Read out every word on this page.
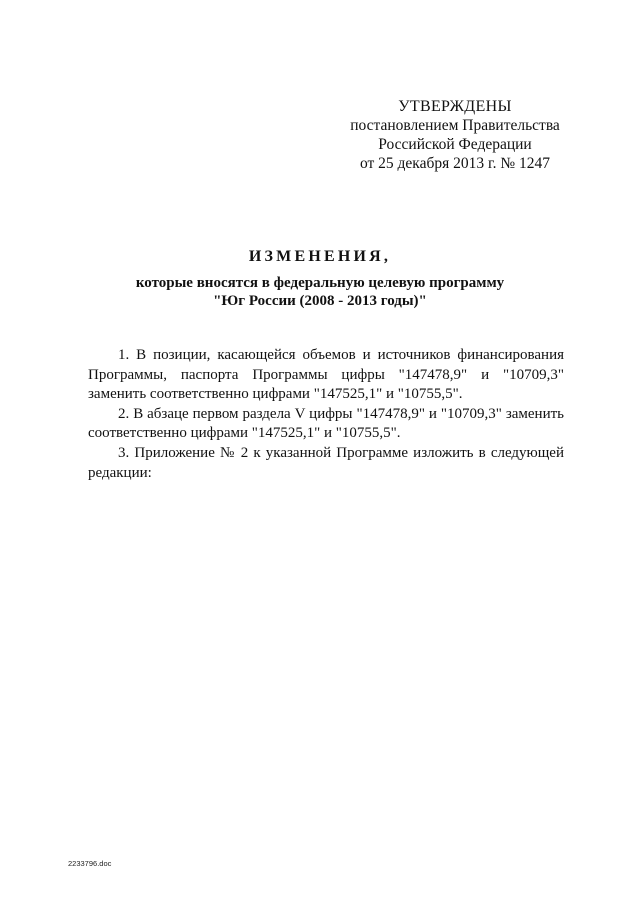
УТВЕРЖДЕНЫ
постановлением Правительства
Российской Федерации
от 25 декабря 2013 г. № 1247
ИЗМЕНЕНИЯ,
которые вносятся в федеральную целевую программу
"Юг России (2008 - 2013 годы)"

1. В позиции, касающейся объемов и источников финансирования Программы, паспорта Программы цифры "147478,9" и "10709,3" заменить соответственно цифрами "147525,1" и "10755,5".

2. В абзаце первом раздела V цифры "147478,9" и "10709,3" заменить соответственно цифрами "147525,1" и "10755,5".

3. Приложение № 2 к указанной Программе изложить в следующей редакции:

2233796.doc
